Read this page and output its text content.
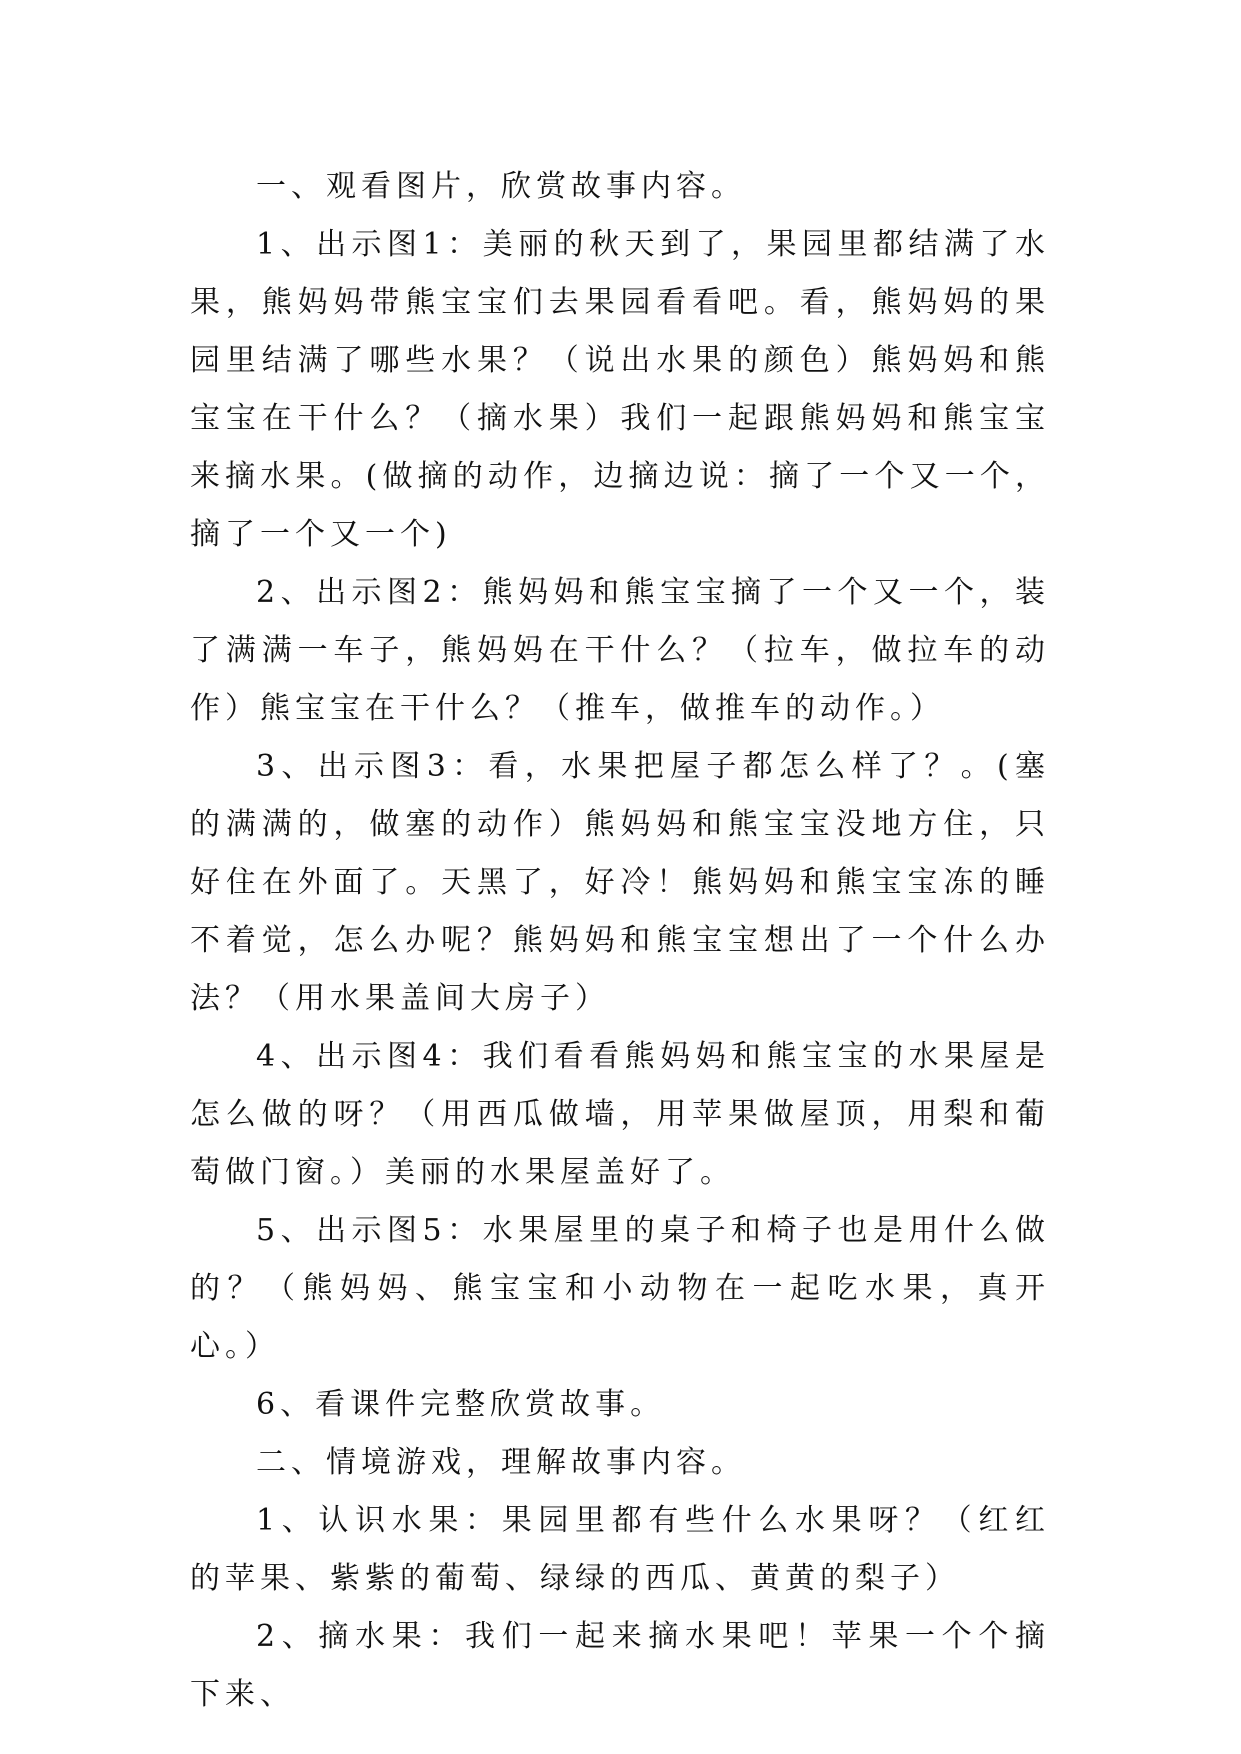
一、观看图片，欣赏故事内容。

1、出示图1：美丽的秋天到了，果园里都结满了水果，熊妈妈带熊宝宝们去果园看看吧。看，熊妈妈的果园里结满了哪些水果？（说出水果的颜色）熊妈妈和熊宝宝在干什么？（摘水果）我们一起跟熊妈妈和熊宝宝来摘水果。(做摘的动作，边摘边说：摘了一个又一个，摘了一个又一个)

2、出示图2：熊妈妈和熊宝宝摘了一个又一个，装了满满一车子，熊妈妈在干什么？（拉车，做拉车的动作）熊宝宝在干什么？（推车，做推车的动作。）

3、出示图3：看，水果把屋子都怎么样了？。(塞的满满的，做塞的动作）熊妈妈和熊宝宝没地方住，只好住在外面了。天黑了，好冷！熊妈妈和熊宝宝冻的睡不着觉，怎么办呢？熊妈妈和熊宝宝想出了一个什么办法？（用水果盖间大房子）

4、出示图4：我们看看熊妈妈和熊宝宝的水果屋是怎么做的呀？（用西瓜做墙，用苹果做屋顶，用梨和葡萄做门窗。）美丽的水果屋盖好了。

5、出示图5：水果屋里的桌子和椅子也是用什么做的？（熊妈妈、熊宝宝和小动物在一起吃水果，真开心。）

6、看课件完整欣赏故事。

二、情境游戏，理解故事内容。

1、认识水果：果园里都有些什么水果呀？（红红的苹果、紫紫的葡萄、绿绿的西瓜、黄黄的梨子）

2、摘水果：我们一起来摘水果吧！苹果一个个摘下来、
